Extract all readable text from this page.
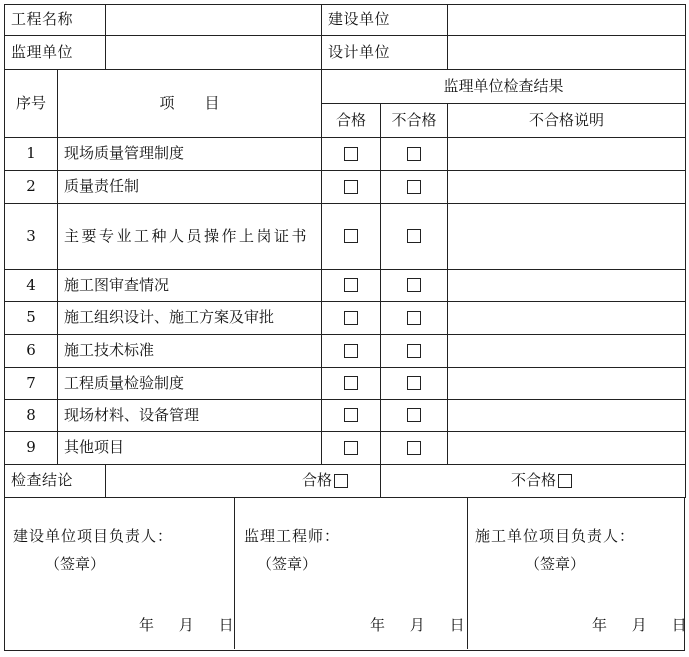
工程名称			建设单位		
监理单位			设计单位		
序号	项　　目		监理单位检查结果		
			合格	不合格	不合格说明
1	现场质量管理制度				
2	质量责任制				
3	主要专业工种人员操作上岗证书				
4	施工图审查情况				
5	施工组织设计、施工方案及审批				
6	施工技术标准				
7	工程质量检验制度				
8	现场材料、设备管理				
9	其他项目				
检查结论		合格		不合格	
建设单位项目负责人：
（签章）
年 月 日
监理工程师：
（签章）
年 月 日
施工单位项目负责人：
（签章）
年 月 日
